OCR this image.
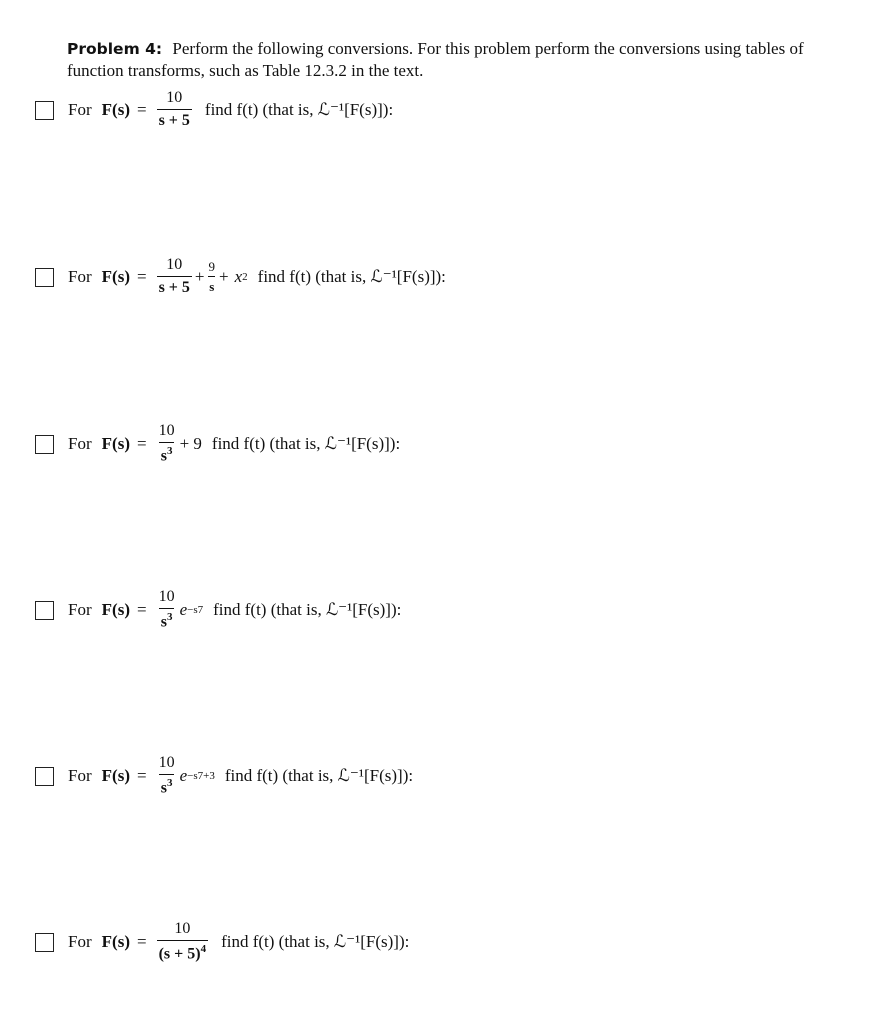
Problem 4: Perform the following conversions. For this problem perform the conversions using tables of function transforms, such as Table 12.3.2 in the text.
For $F(s) = \frac{10}{s + 5}$ find f(t) (that is, ℒ⁻¹[F(s)]):
For $F(s) = \frac{10}{s + 5} + \frac{9}{s} + x$ 2 find f(t) (that is, ℒ⁻¹[F(s)]):
For $F(s) = \frac{10}{s^3} + 9$ find f(t) (that is, ℒ⁻¹[F(s)]):
For $F(s) = \frac{10}{s^3}$ e −s7 find f(t) (that is, ℒ⁻¹[F(s)]):
For $F(s) = \frac{10}{s^3}$ e −s7+3 find f(t) (that is, ℒ⁻¹[F(s)]):
For $F(s) = \frac{10}{(s + 5)^4}$ find f(t) (that is, ℒ⁻¹[F(s)]):
